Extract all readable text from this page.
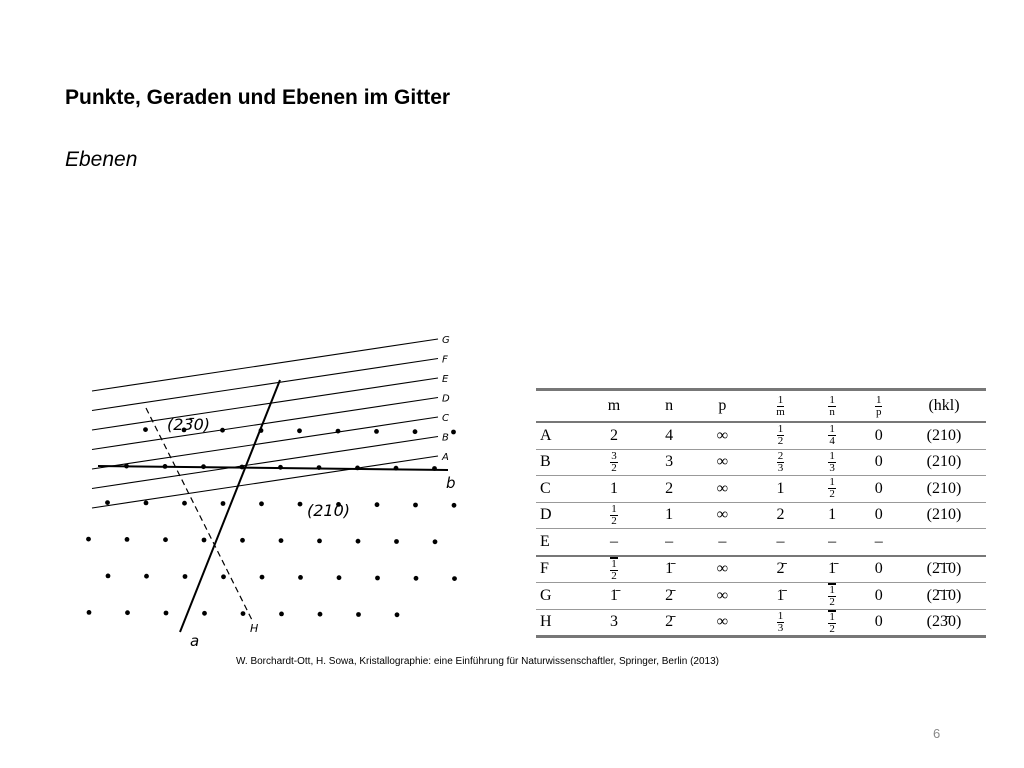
Punkte, Geraden und Ebenen im Gitter
Ebenen
A
B
C
D
E
F
G
b
a
H
(23̄0)
(210)
	m	n	p	$\frac{1}{m}$	$\frac{1}{n}$	$\frac{1}{p}$	(hkl)
A	2	4	∞	$\frac{1}{2}$	$\frac{1}{4}$	0	(210)
B	$\frac{3}{2}$	3	∞	$\frac{2}{3}$	$\frac{1}{3}$	0	(210)
C	1	2	∞	1	$\frac{1}{2}$	0	(210)
D	$\frac{1}{2}$	1	∞	2	1	0	(210)
E	–	–	–	–	–	–	
F	$\frac{1}{2}$	1̄	∞	2̄	1̄	0	(2̄1̄0)
G	1̄	2̄	∞	1̄	$\frac{1}{2}$	0	(2̄1̄0)
H	3	2̄	∞	$\frac{1}{3}$	$\frac{1}{2}$	0	(23̄0)
W. Borchardt-Ott, H. Sowa, Kristallographie: eine Einführung für Naturwissenschaftler, Springer, Berlin (2013)
6
